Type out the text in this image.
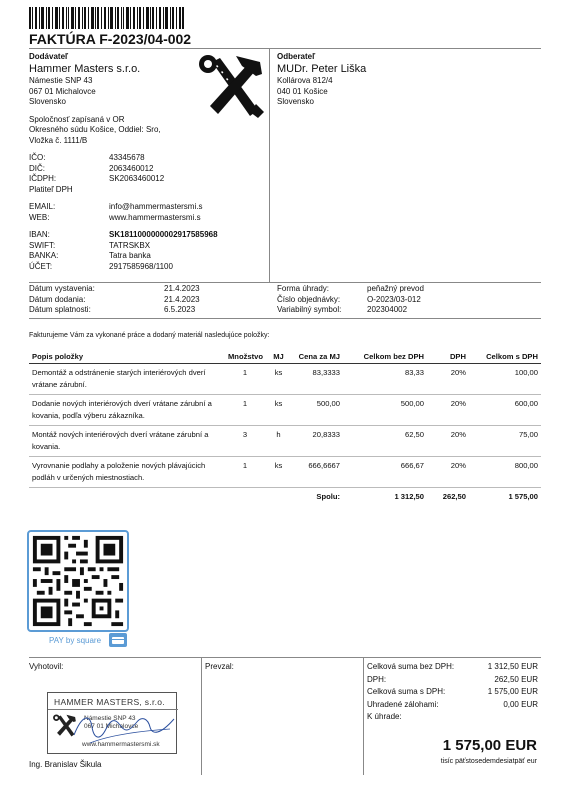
FAKTÚRA F-2023/04-002
Dodávateľ
Hammer Masters s.r.o.
Námestie SNP 43
067 01 Michalovce
Slovensko
Spoločnosť zapísaná v OR
Okresného súdu Košice, Oddiel: Sro,
Vložka č. 1111/B
IČO:	43345678
DIČ:	2063460012
IČDPH:	SK2063460012
Platiteľ DPH
EMAIL:	info@hammermastersmi.s
WEB:	www.hammermastersmi.s
IBAN:	SK1811000000002917585968
SWIFT:	TATRSKBX
BANKA:	Tatra banka
ÚČET:	2917585968/1100
Odberateľ
MUDr. Peter Liška
Kollárova 812/4
040 01 Košice
Slovensko
Dátum vystavenia:	21.4.2023
Dátum dodania:	21.4.2023
Dátum splatnosti:	6.5.2023
Forma úhrady:	peňažný prevod
Číslo objednávky:	O-2023/03-012
Variabilný symbol:	202304002
Fakturujeme Vám za vykonané práce a dodaný materiál nasledujúce položky:
Popis položky	Množstvo	MJ	Cena za MJ	Celkom bez DPH	DPH	Celkom s DPH
Demontáž a odstránenie starých interiérových dverí vrátane zárubní.	1	ks	83,3333	83,33	20%	100,00
Dodanie nových interiérových dverí vrátane zárubní a kovania, podľa výberu zákazníka.	1	ks	500,00	500,00	20%	600,00
Montáž nových interiérových dverí vrátane zárubní a kovania.	3	h	20,8333	62,50	20%	75,00
Vyrovnanie podlahy a položenie nových plávajúcich podláh v určených miestnostiach.	1	ks	666,6667	666,67	20%	800,00
			Spolu:	1 312,50	262,50	1 575,00
PAY by square
Vyhotovil:	Prevzal:
HAMMER MASTERS, s.r.o.
Námestie SNP 43
067 01 Michalovce
www.hammermastersmi.sk
Ing. Branislav Šikula
Celková suma bez DPH:	1 312,50 EUR
DPH:	262,50 EUR
Celková suma s DPH:	1 575,00 EUR
Uhradené zálohami:	0,00 EUR
K úhrade:
1 575,00 EUR
tisíc päťstosedemdesiatpäť eur
